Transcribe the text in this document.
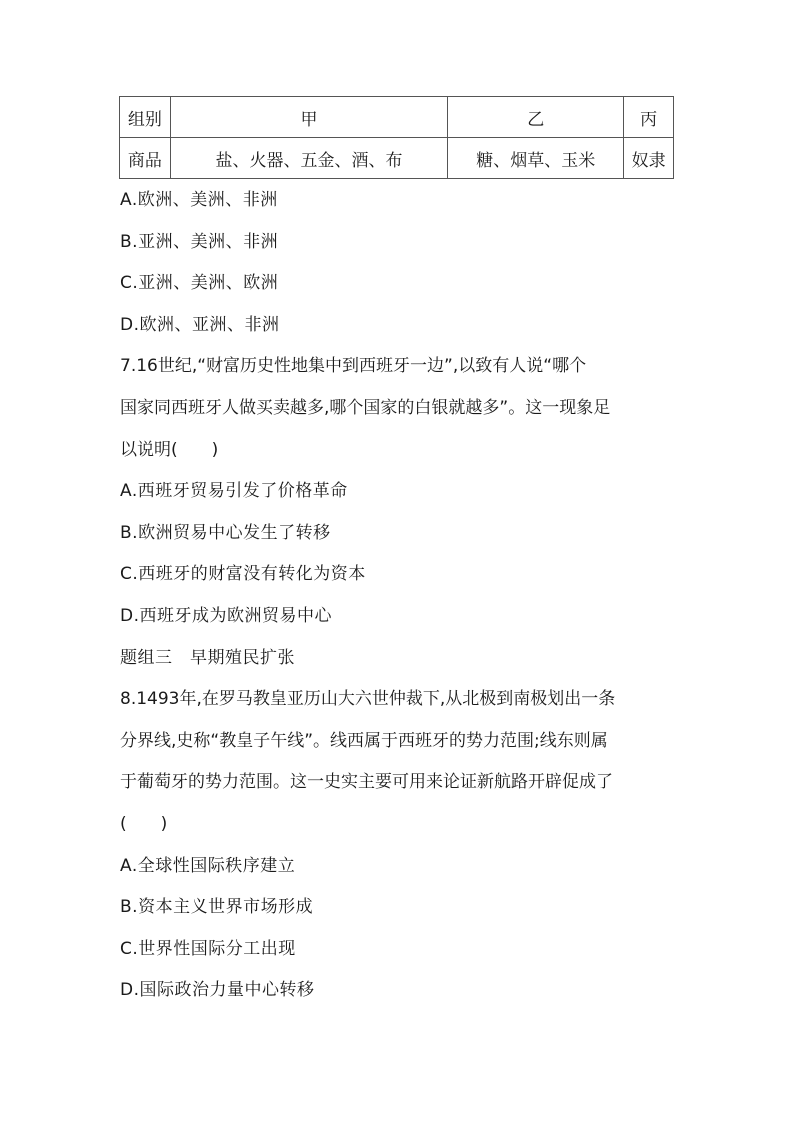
组别	甲	乙	丙
商品	盐、火器、五金、酒、布	糖、烟草、玉米	奴隶
A.欧洲、美洲、非洲
B.亚洲、美洲、非洲
C.亚洲、美洲、欧洲
D.欧洲、亚洲、非洲
7.16世纪,“财富历史性地集中到西班牙一边”,以致有人说“哪个
国家同西班牙人做买卖越多,哪个国家的白银就越多”。这一现象足
以说明(　　)
A.西班牙贸易引发了价格革命
B.欧洲贸易中心发生了转移
C.西班牙的财富没有转化为资本
D.西班牙成为欧洲贸易中心
题组三　早期殖民扩张
8.1493年,在罗马教皇亚历山大六世仲裁下,从北极到南极划出一条
分界线,史称“教皇子午线”。线西属于西班牙的势力范围;线东则属
于葡萄牙的势力范围。这一史实主要可用来论证新航路开辟促成了
(　　)
A.全球性国际秩序建立
B.资本主义世界市场形成
C.世界性国际分工出现
D.国际政治力量中心转移
